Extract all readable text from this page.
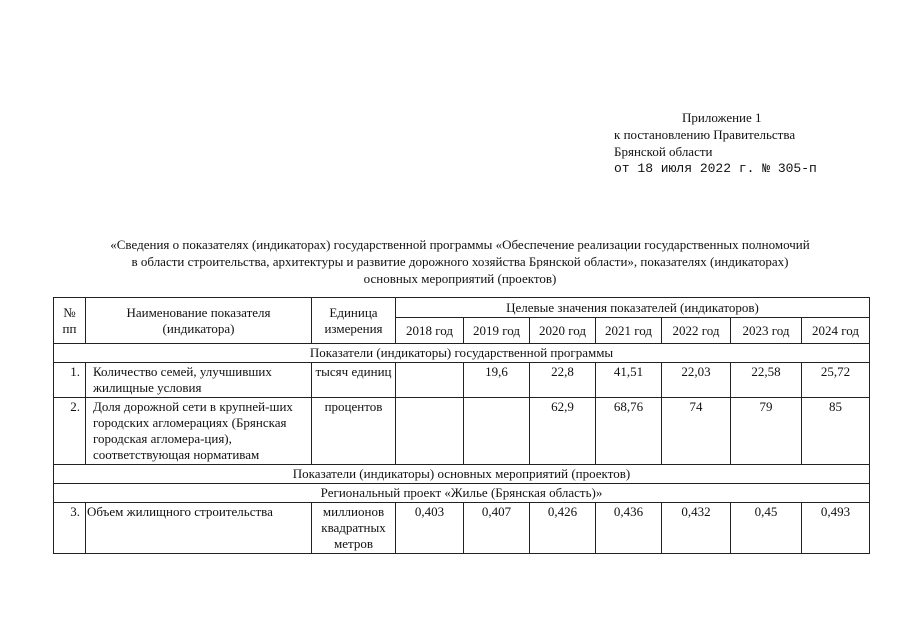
Приложение 1
к постановлению Правительства
Брянской области
от 18 июля 2022 г. № 305-п
«Сведения о показателях (индикаторах) государственной программы «Обеспечение реализации государственных полномочий
в области строительства, архитектуры и развитие дорожного хозяйства Брянской области», показателях (индикаторах)
основных мероприятий (проектов)
№ пп	Наименование показателя (индикатора)	Единица измерения	Целевые значения показателей (индикаторов)						
			2018 год	2019 год	2020 год	2021 год	2022 год	2023 год	2024 год
Показатели (индикаторы) государственной программы									
1.	Количество семей, улучшивших жилищные условия	тысяч единиц		19,6	22,8	41,51	22,03	22,58	25,72
2.	Доля дорожной сети в крупней-ших городских агломерациях (Брянская городская агломера-ция), соответствующая нормативам	процентов			62,9	68,76	74	79	85
Показатели (индикаторы) основных мероприятий (проектов)									
Региональный проект «Жилье (Брянская область)»									
3.	Объем жилищного строительства	миллионов квадратных метров	0,403	0,407	0,426	0,436	0,432	0,45	0,493
